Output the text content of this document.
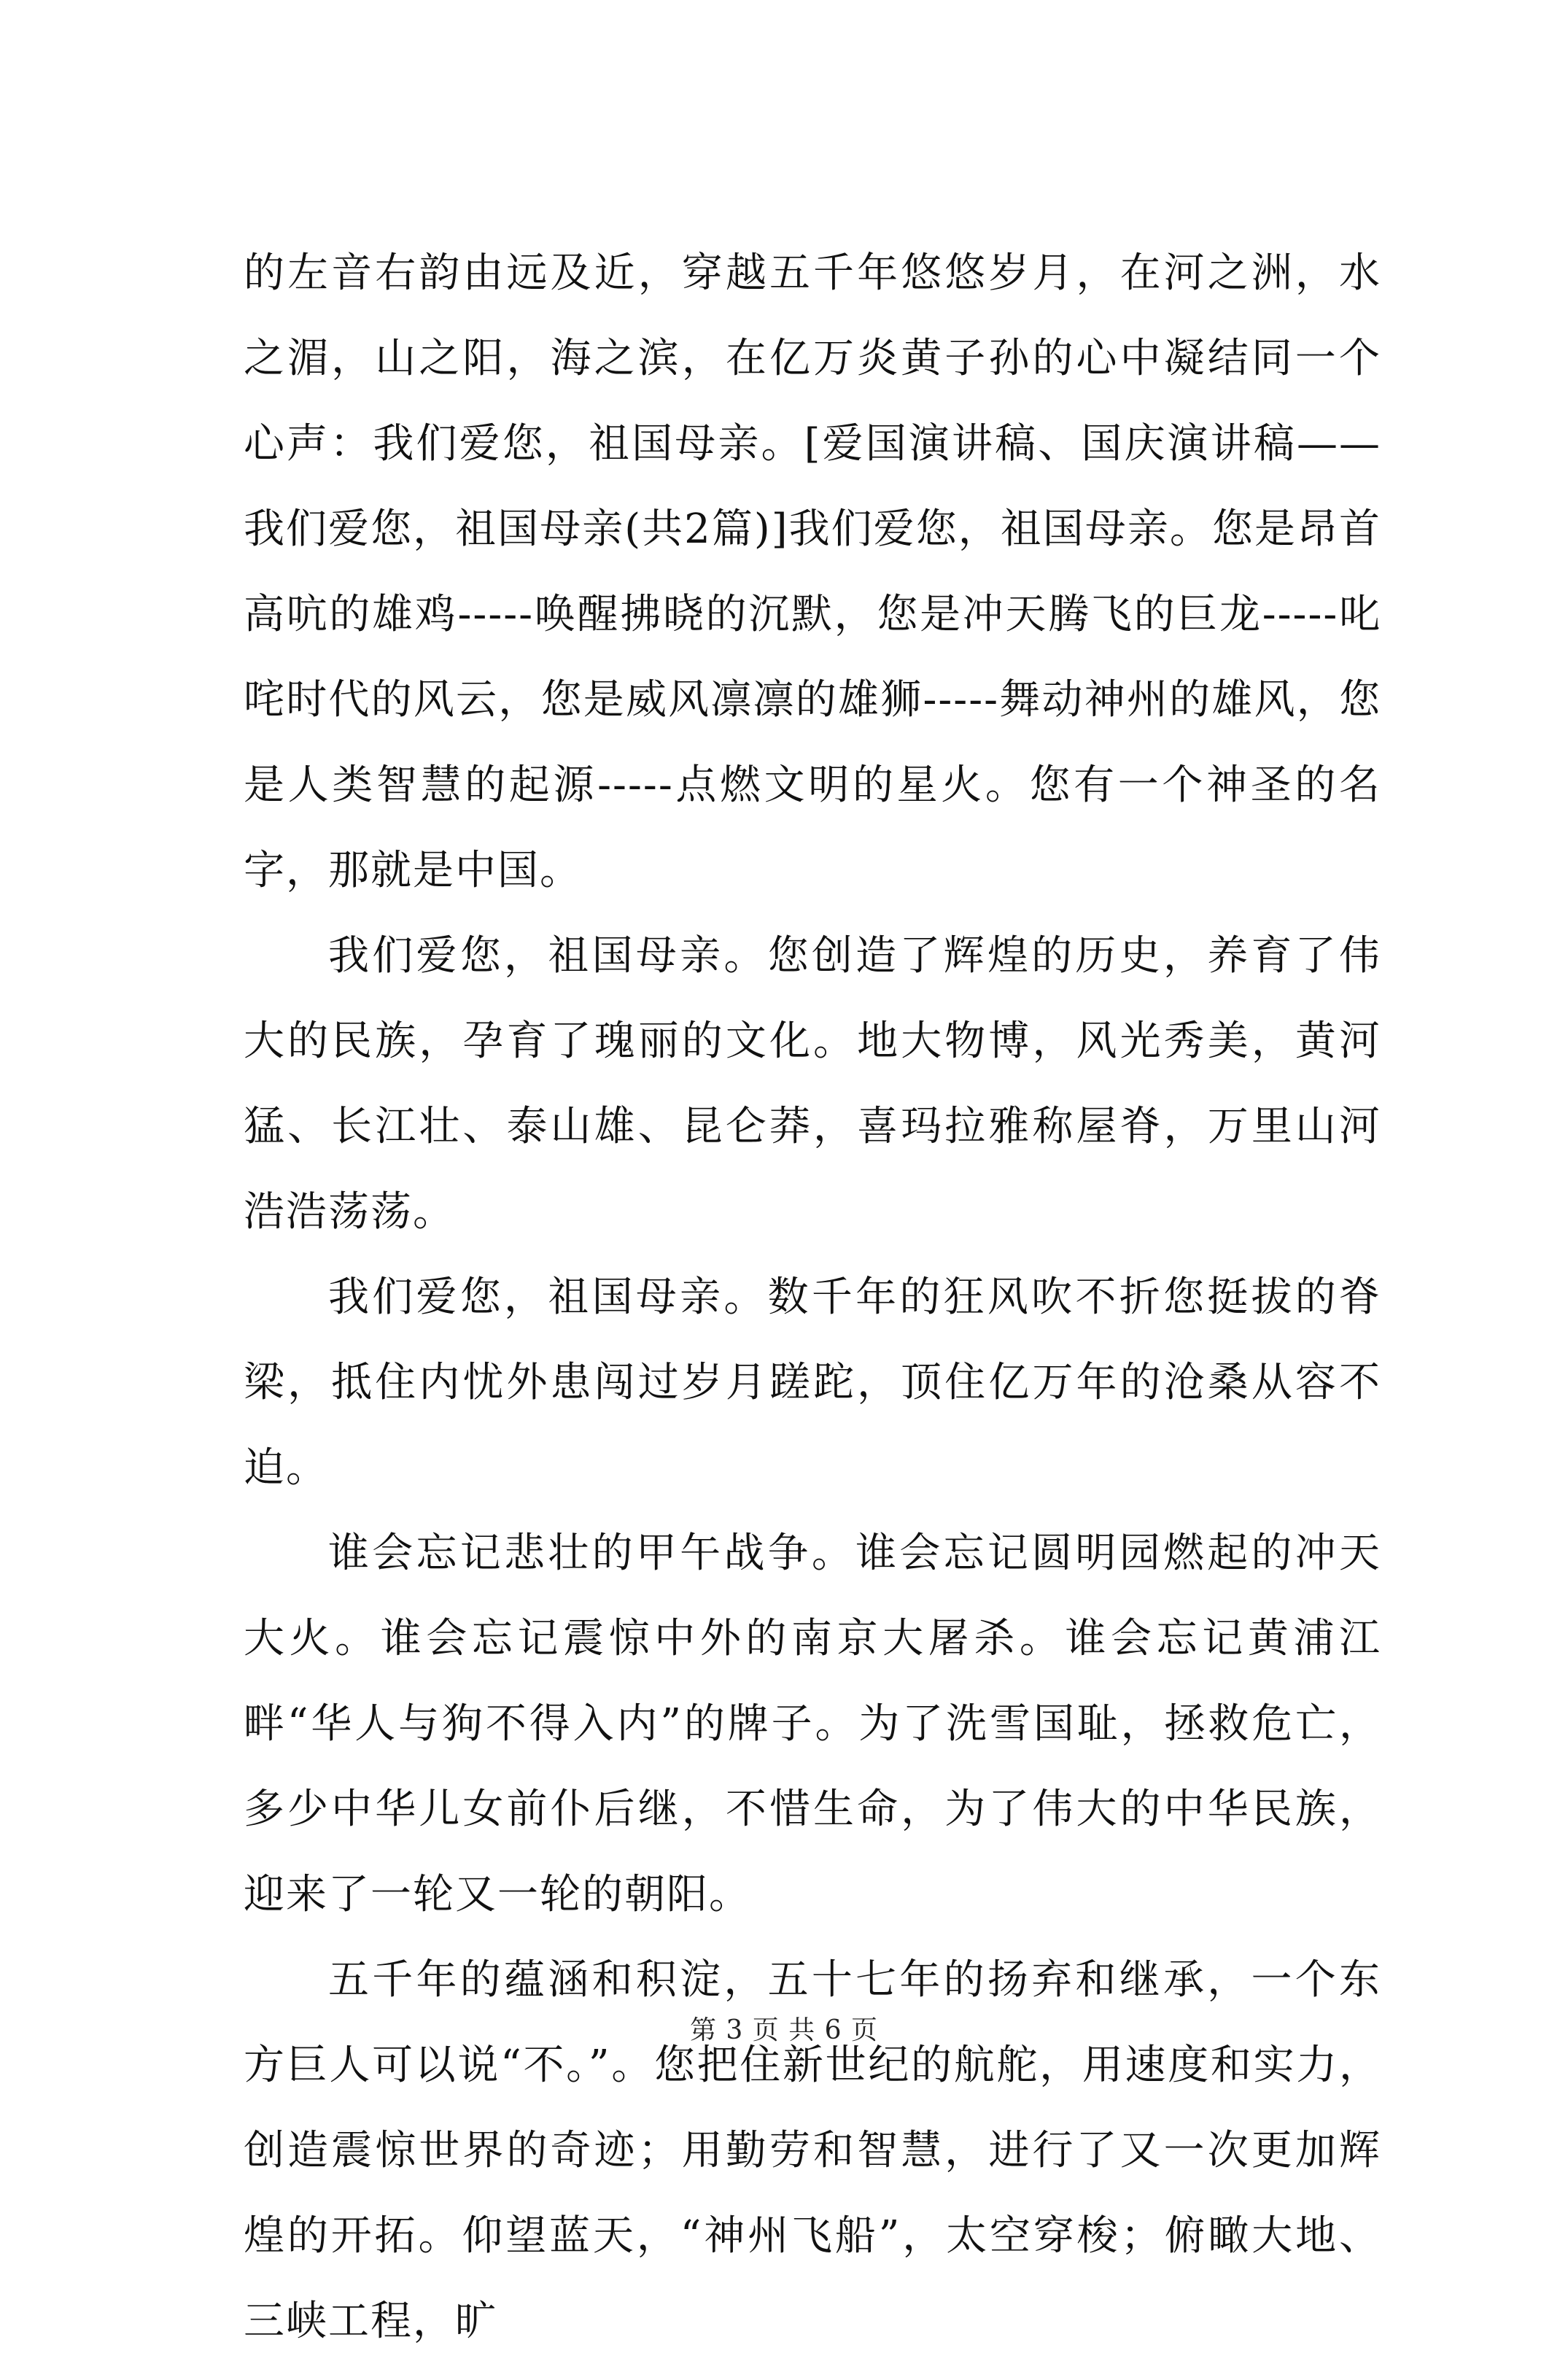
的左音右韵由远及近，穿越五千年悠悠岁月，在河之洲，水之湄，山之阳，海之滨，在亿万炎黄子孙的心中凝结同一个心声：我们爱您，祖国母亲。[爱国演讲稿、国庆演讲稿——我们爱您，祖国母亲(共2篇)]我们爱您，祖国母亲。您是昂首高吭的雄鸡-----唤醒拂晓的沉默，您是冲天腾飞的巨龙-----叱咤时代的风云，您是威风凛凛的雄狮-----舞动神州的雄风，您是人类智慧的起源-----点燃文明的星火。您有一个神圣的名字，那就是中国。

我们爱您，祖国母亲。您创造了辉煌的历史，养育了伟大的民族，孕育了瑰丽的文化。地大物博，风光秀美，黄河猛、长江壮、泰山雄、昆仑莽，喜玛拉雅称屋脊，万里山河浩浩荡荡。

我们爱您，祖国母亲。数千年的狂风吹不折您挺拔的脊梁，抵住内忧外患闯过岁月蹉跎，顶住亿万年的沧桑从容不迫。

谁会忘记悲壮的甲午战争。谁会忘记圆明园燃起的冲天大火。谁会忘记震惊中外的南京大屠杀。谁会忘记黄浦江畔“华人与狗不得入内”的牌子。为了洗雪国耻，拯救危亡，多少中华儿女前仆后继，不惜生命，为了伟大的中华民族，迎来了一轮又一轮的朝阳。

五千年的蕴涵和积淀，五十七年的扬弃和继承，一个东方巨人可以说“不。”。您把住新世纪的航舵，用速度和实力，创造震惊世界的奇迹；用勤劳和智慧，进行了又一次更加辉煌的开拓。仰望蓝天，“神州飞船”，太空穿梭；俯瞰大地、三峡工程，旷

第 3 页 共 6 页
